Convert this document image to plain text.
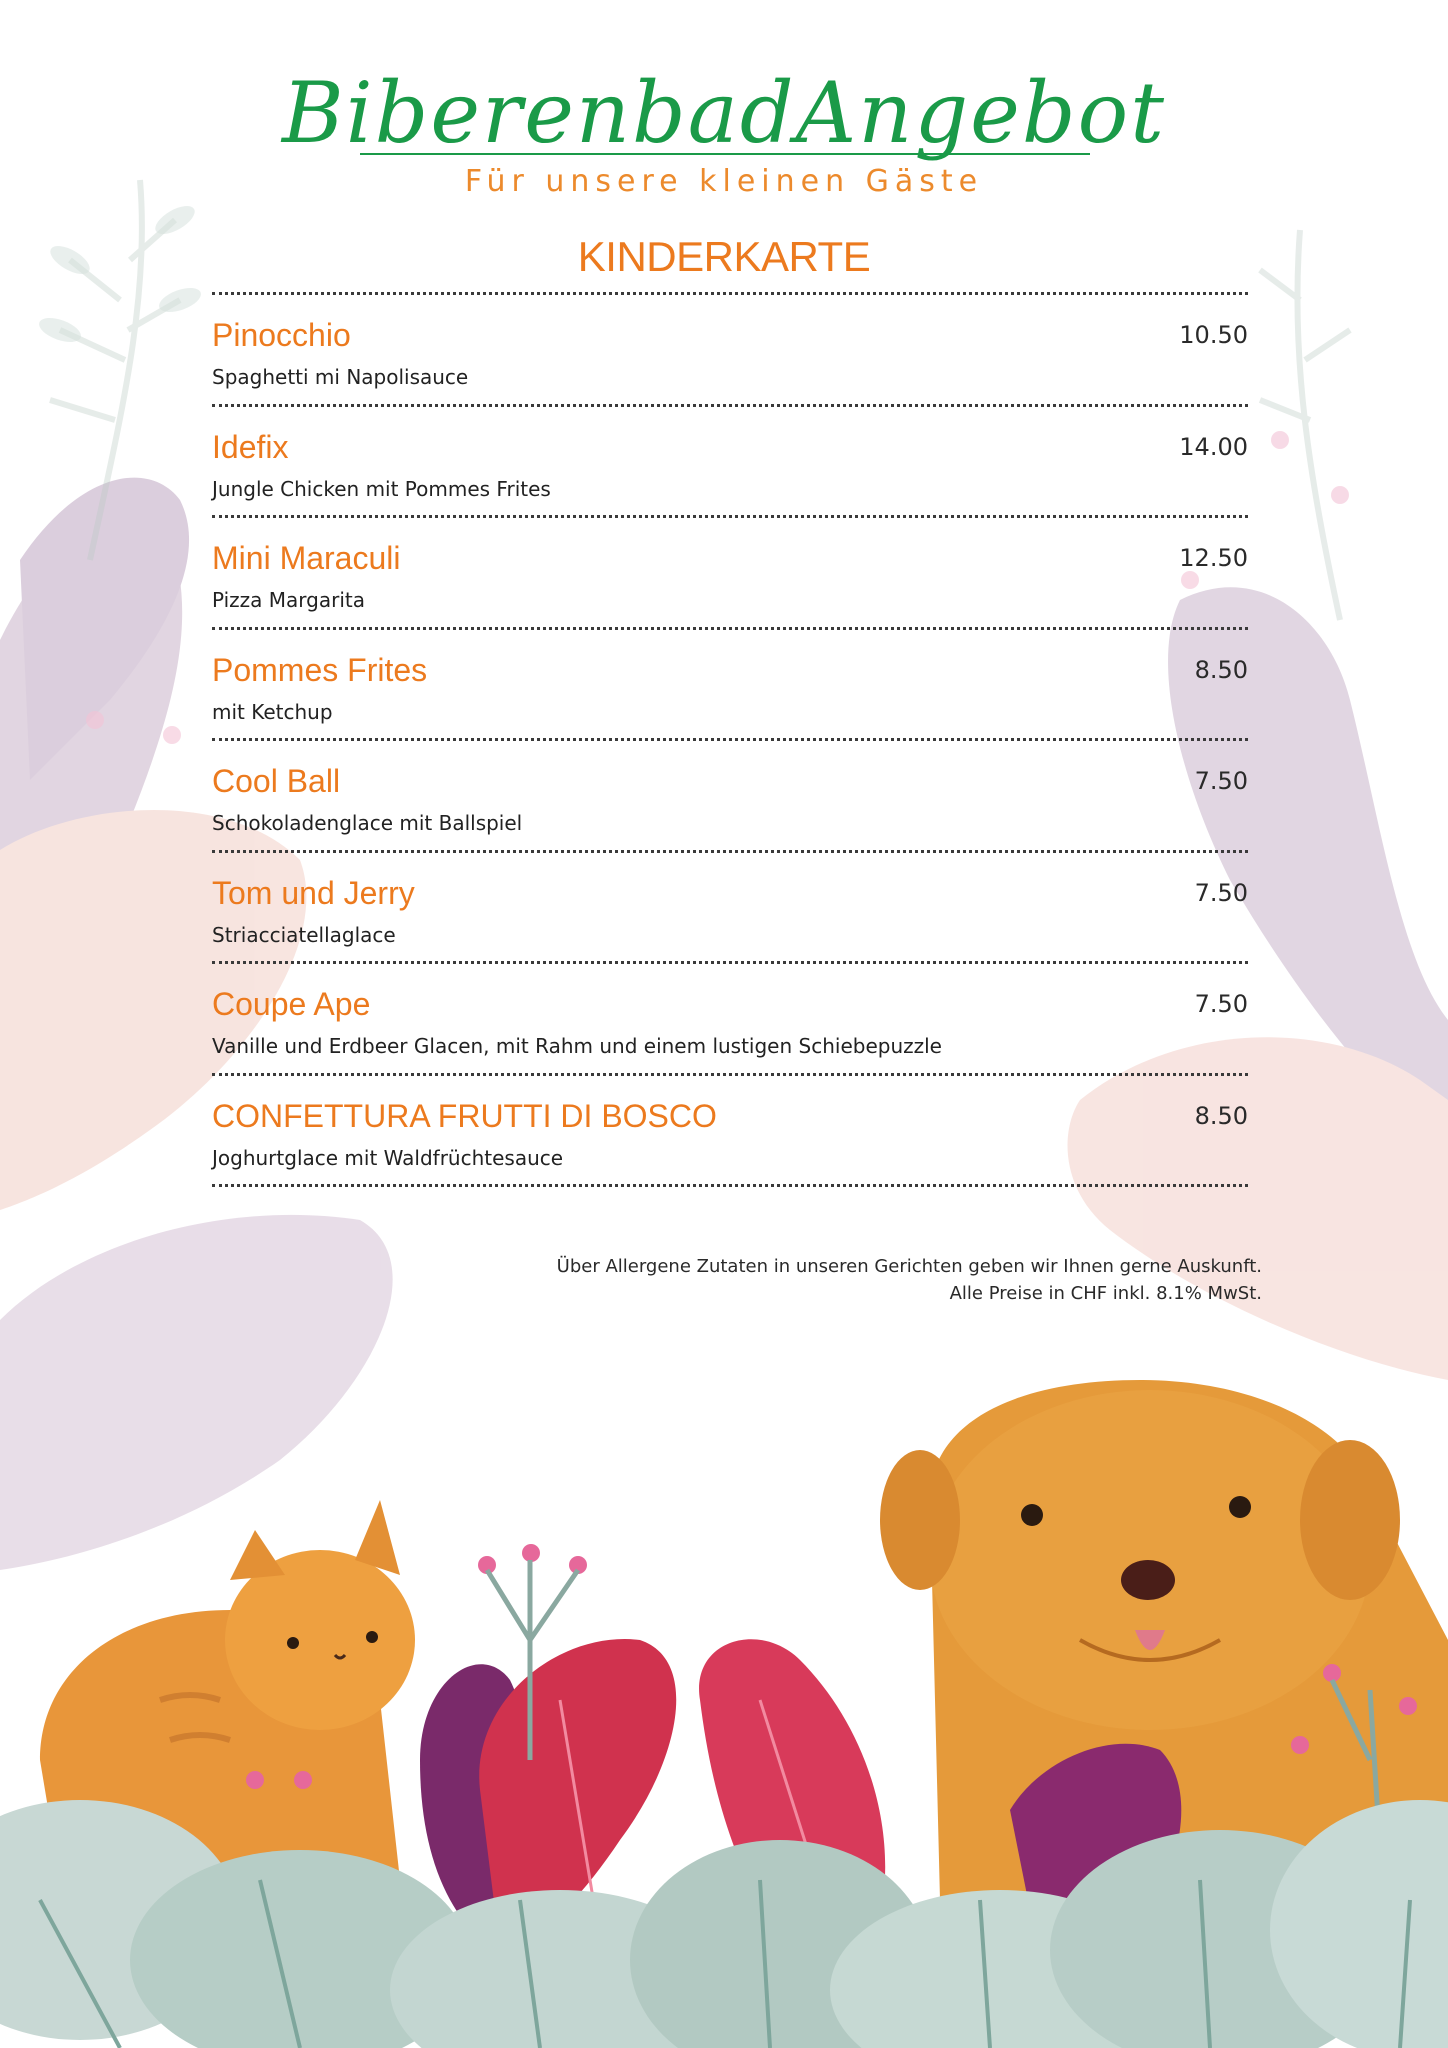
BiberenbadAngebot
Für unsere kleinen Gäste
KINDERKARTE
Pinocchio	10.50
Spaghetti mi Napolisauce
Idefix	14.00
Jungle Chicken mit Pommes Frites
Mini Maraculi	12.50
Pizza Margarita
Pommes Frites	8.50
mit Ketchup
Cool Ball	7.50
Schokoladenglace mit Ballspiel
Tom und Jerry	7.50
Striacciatellaglace
Coupe Ape	7.50
Vanille und Erdbeer Glacen, mit Rahm und einem lustigen Schiebepuzzle
CONFETTURA FRUTTI DI BOSCO	8.50
Joghurtglace mit Waldfrüchtesauce
Über Allergene Zutaten in unseren Gerichten geben wir Ihnen gerne Auskunft.
Alle Preise in CHF inkl. 8.1% MwSt.
